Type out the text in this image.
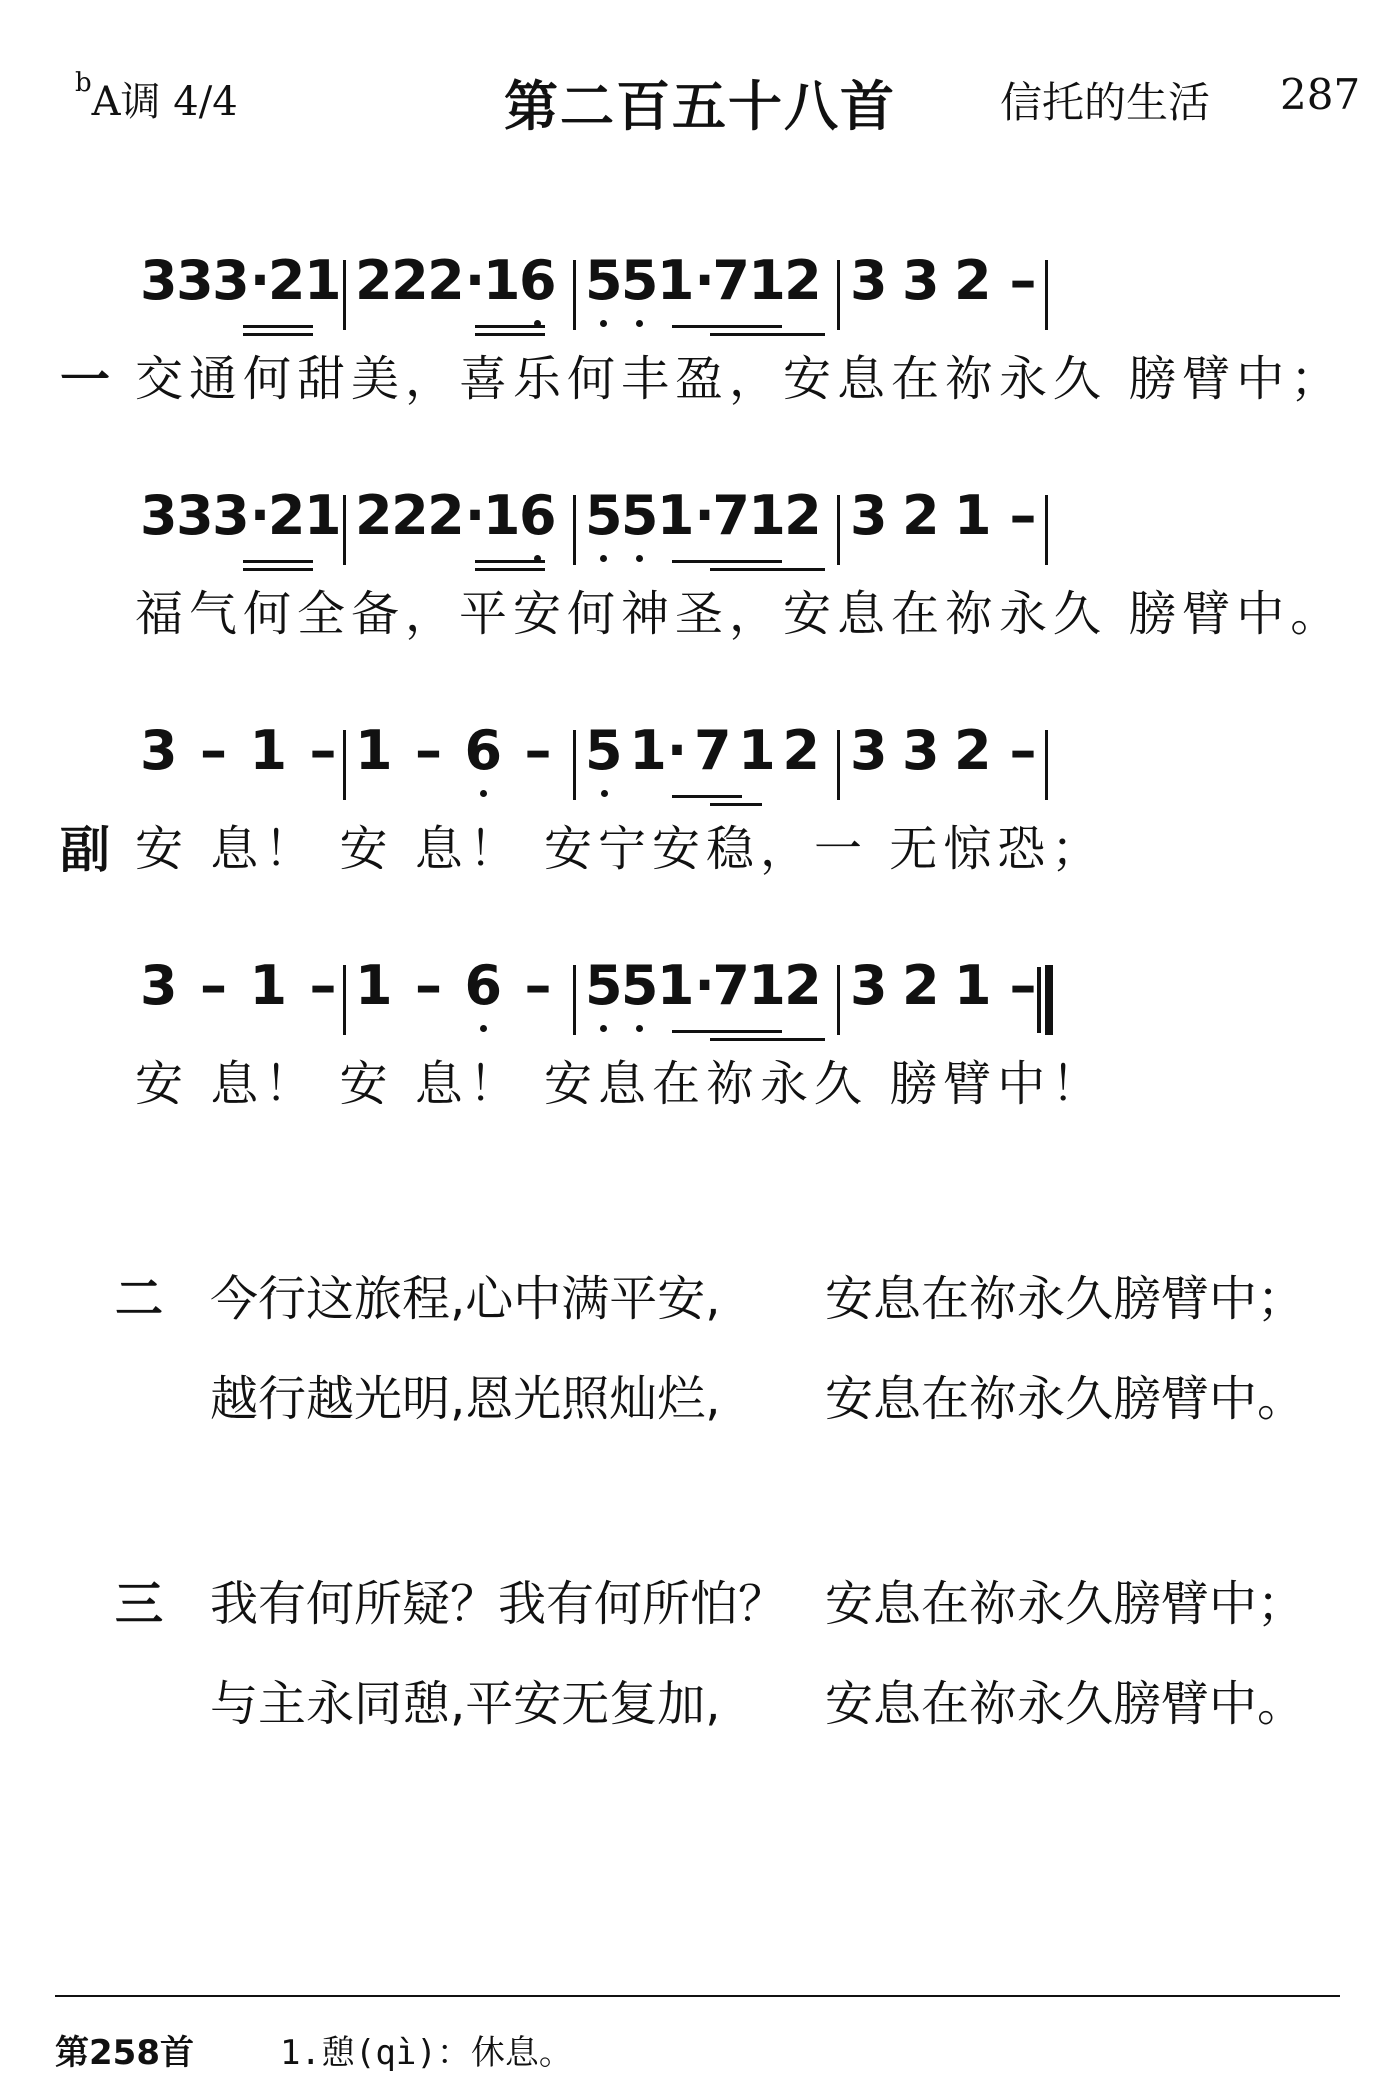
$^b$A调 4/4	第二百五十八首	信托的生活 287
3
3
3·
2
1 2
2
2·
1
6 5
5
1·
7
1
2 3 3 2 –
一 交通何甜美，喜乐何丰盈，安息在祢永久 膀臂中；
3
3
3·
2
1 2
2
2·
1
6 5
5
1·
7
1
2 3 2 1 –
福气何全备，平安何神圣，安息在祢永久 膀臂中。
3 – 1 – 1 – 6 – 5 1· 7 1 2 3 3 2 –
副 安 息！ 安 息！ 安宁安稳，一 无惊恐；
3 – 1 – 1 – 6 – 5
5
1·
7
1
2 3 2 1 –
安 息！ 安 息！ 安息在祢永久 膀臂中！
二 今行这旅程,心中满平安, 安息在祢永久膀臂中；
越行越光明,恩光照灿烂, 安息在祢永久膀臂中。
三 我有何所疑？我有何所怕？ 安息在祢永久膀臂中；
与主永同憩,平安无复加, 安息在祢永久膀臂中。
第258首	1.憩(qì)：休息。
